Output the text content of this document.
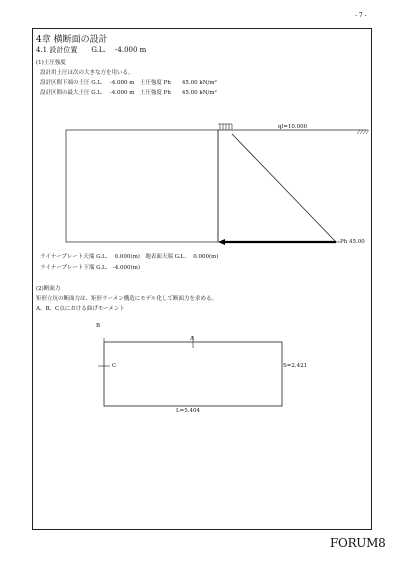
- 7 -
4章 横断面の設計
4.1 設計位置　　G.L.　 -4.000 m
(1)土圧強度
設計用土圧は次の大きな方を用いる。
設計区間下端の土圧 G.L.　 -4.000 m　土圧強度 Ph　　45.00 kN/m²
設計区間の最大土圧 G.L.　 -4.000 m　土圧強度 Ph　　45.00 kN/m²
ql=10.000
Ph 45.00
ライナープレート天端 G.L.　 0.000(m)　地表面天端 G.L.　 0.000(m)
ライナープレート下端 G.L.　-4.000(m)
(2)断面力
矩形立坑の断面力は、矩形ラーメン構造にモデル化して断面力を求める。
A、B、C点における曲げモーメント
B
A
C	S=2.421
L=5.404
FORUM8
